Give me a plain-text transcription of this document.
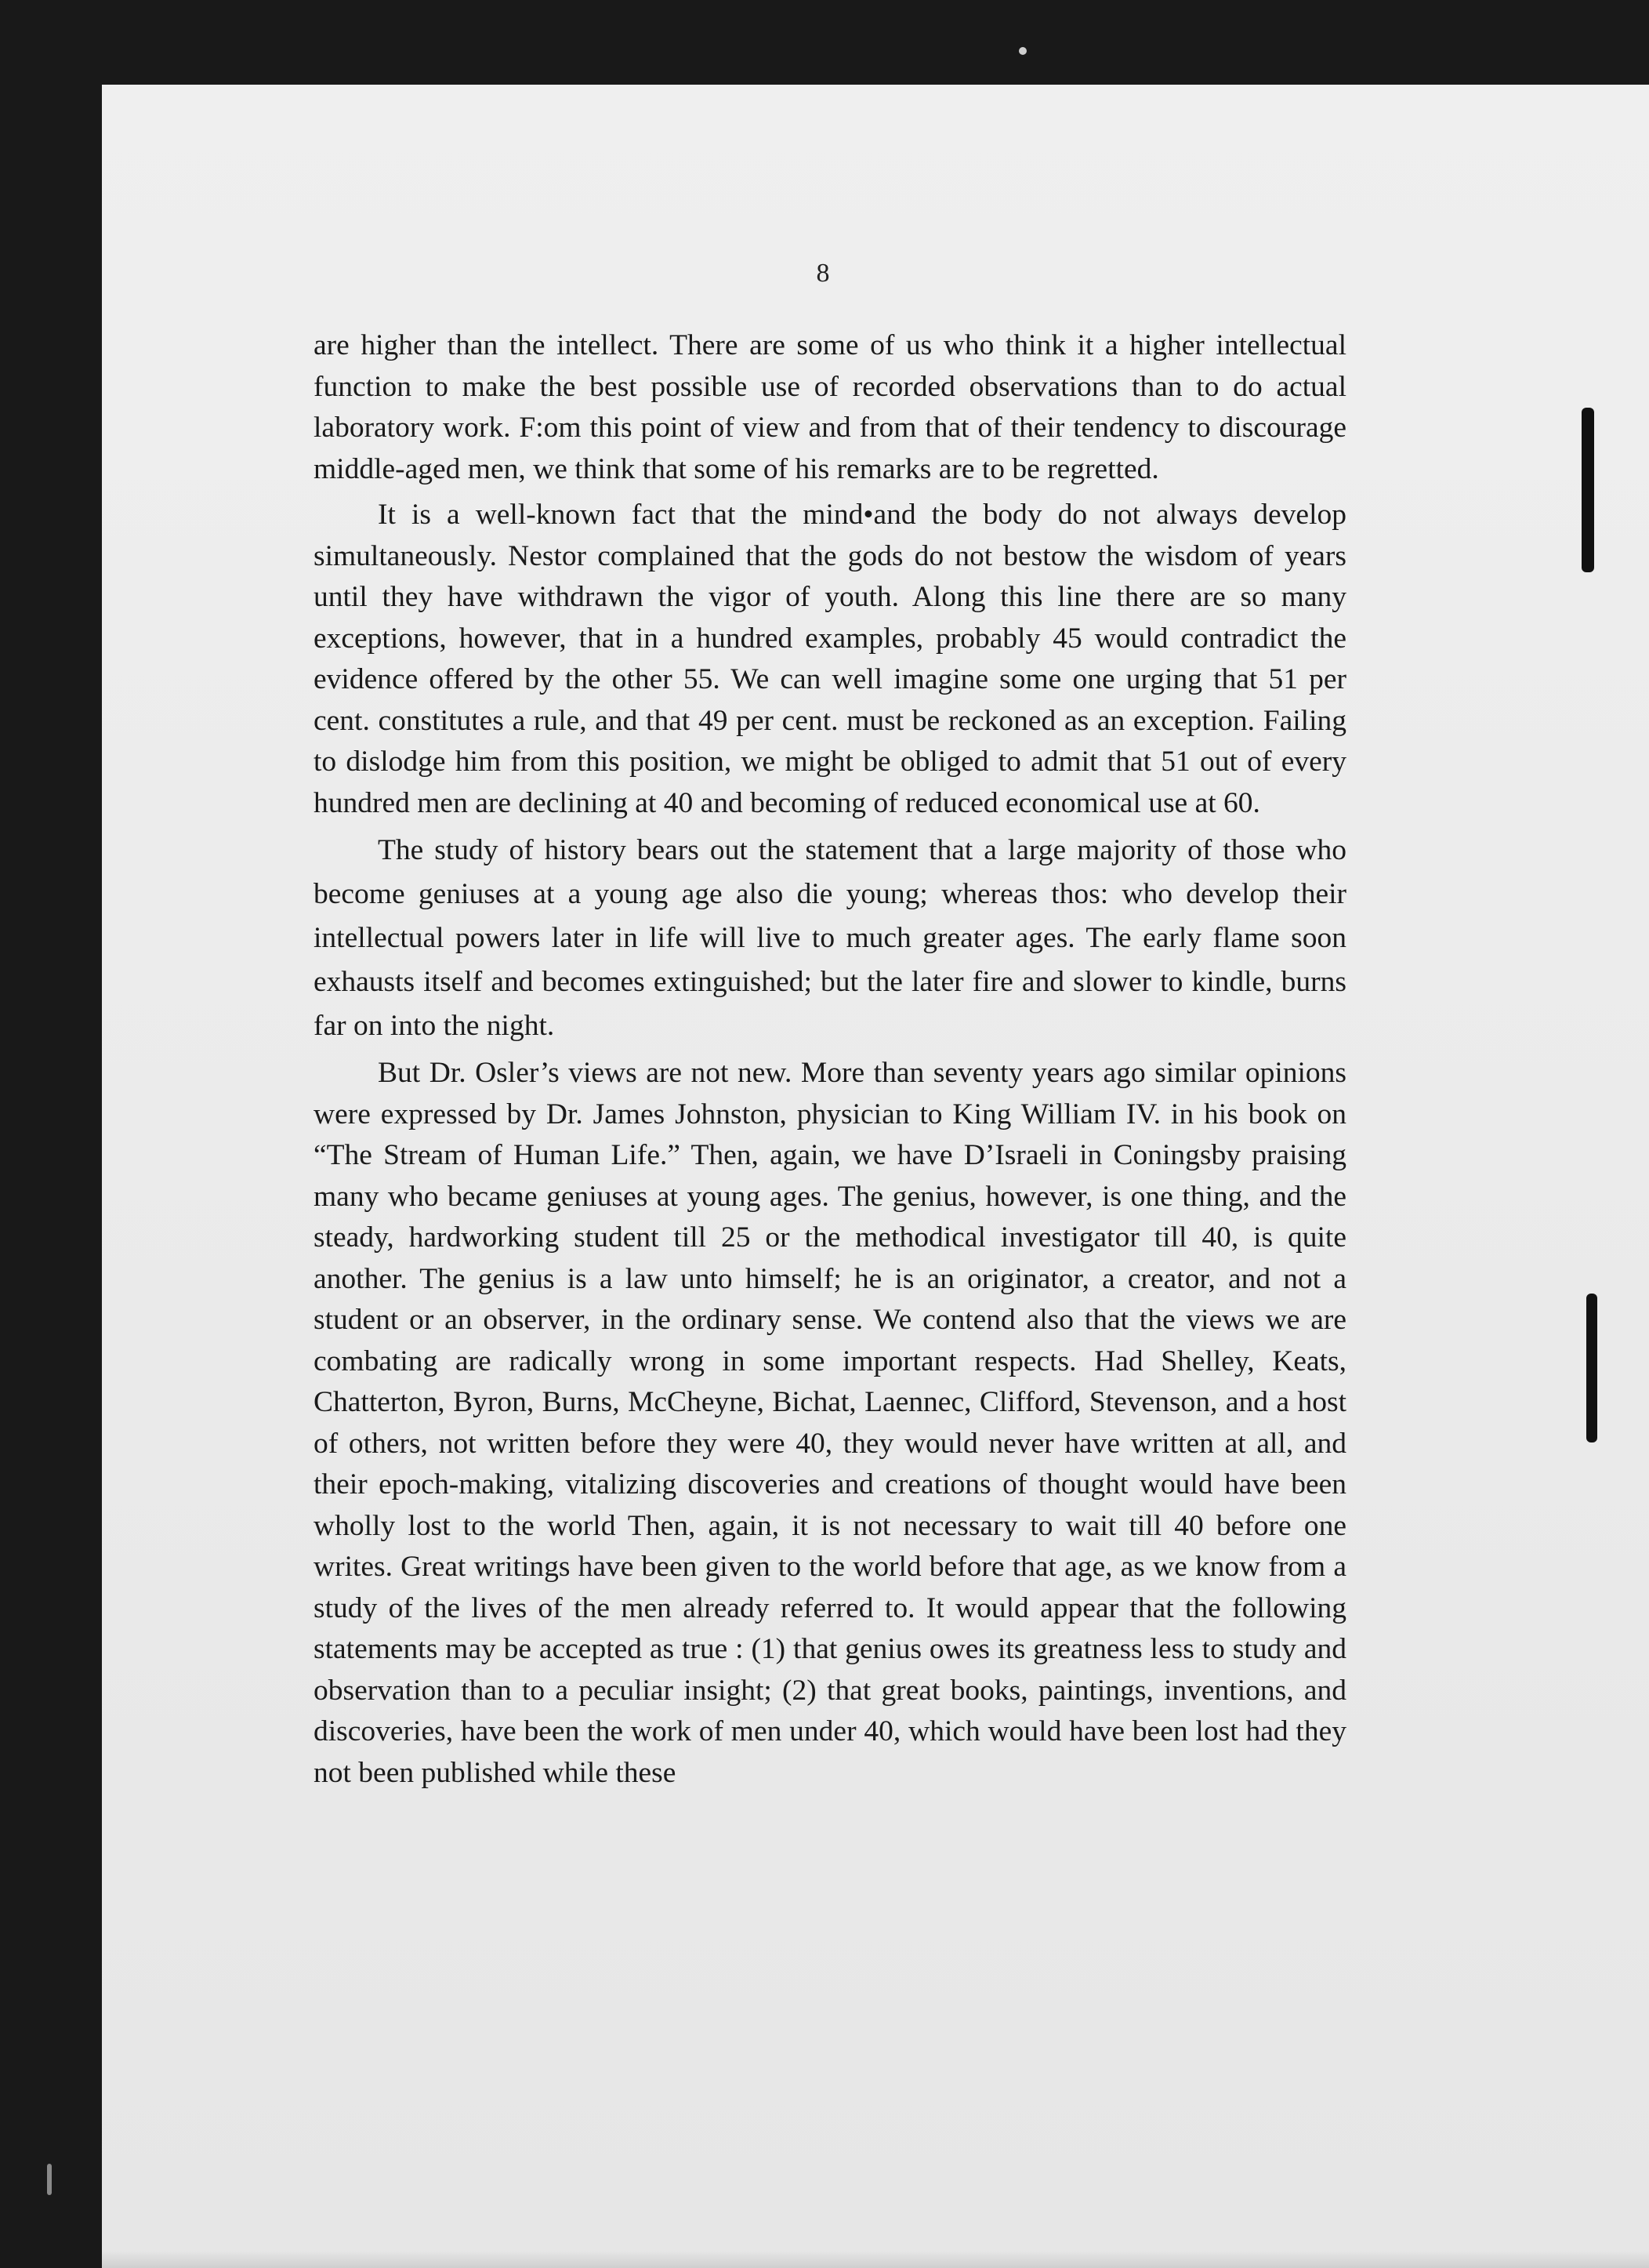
8

are higher than the intellect. There are some of us who think it a higher intellectual function to make the best possible use of recorded observations than to do actual laboratory work. F:om this point of view and from that of their tendency to discourage middle-aged men, we think that some of his remarks are to be regretted.

It is a well-known fact that the mind•and the body do not always develop simultaneously. Nestor complained that the gods do not bestow the wisdom of years until they have withdrawn the vigor of youth. Along this line there are so many exceptions, however, that in a hundred examples, probably 45 would contradict the evidence offered by the other 55. We can well imagine some one urging that 51 per cent. constitutes a rule, and that 49 per cent. must be reckoned as an exception. Failing to dislodge him from this position, we might be obliged to admit that 51 out of every hundred men are declining at 40 and becoming of reduced economical use at 60.

The study of history bears out the statement that a large majority of those who become geniuses at a young age also die young; whereas thos: who develop their intellectual powers later in life will live to much greater ages. The early flame soon exhausts itself and becomes extinguished; but the later fire and slower to kindle, burns far on into the night.

But Dr. Osler’s views are not new. More than seventy years ago similar opinions were expressed by Dr. James Johnston, physician to King William IV. in his book on “The Stream of Human Life.” Then, again, we have D’Israeli in Coningsby praising many who became geniuses at young ages. The genius, however, is one thing, and the steady, hardworking student till 25 or the methodical investigator till 40, is quite another. The genius is a law unto himself; he is an originator, a creator, and not a student or an observer, in the ordinary sense. We contend also that the views we are combating are radically wrong in some important respects. Had Shelley, Keats, Chatterton, Byron, Burns, McCheyne, Bichat, Laennec, Clifford, Stevenson, and a host of others, not written before they were 40, they would never have written at all, and their epoch-making, vitalizing discoveries and creations of thought would have been wholly lost to the world Then, again, it is not necessary to wait till 40 before one writes. Great writings have been given to the world before that age, as we know from a study of the lives of the men already referred to. It would appear that the following statements may be accepted as true : (1) that genius owes its greatness less to study and observation than to a peculiar insight; (2) that great books, paintings, inventions, and discoveries, have been the work of men under 40, which would have been lost had they not been published while these
